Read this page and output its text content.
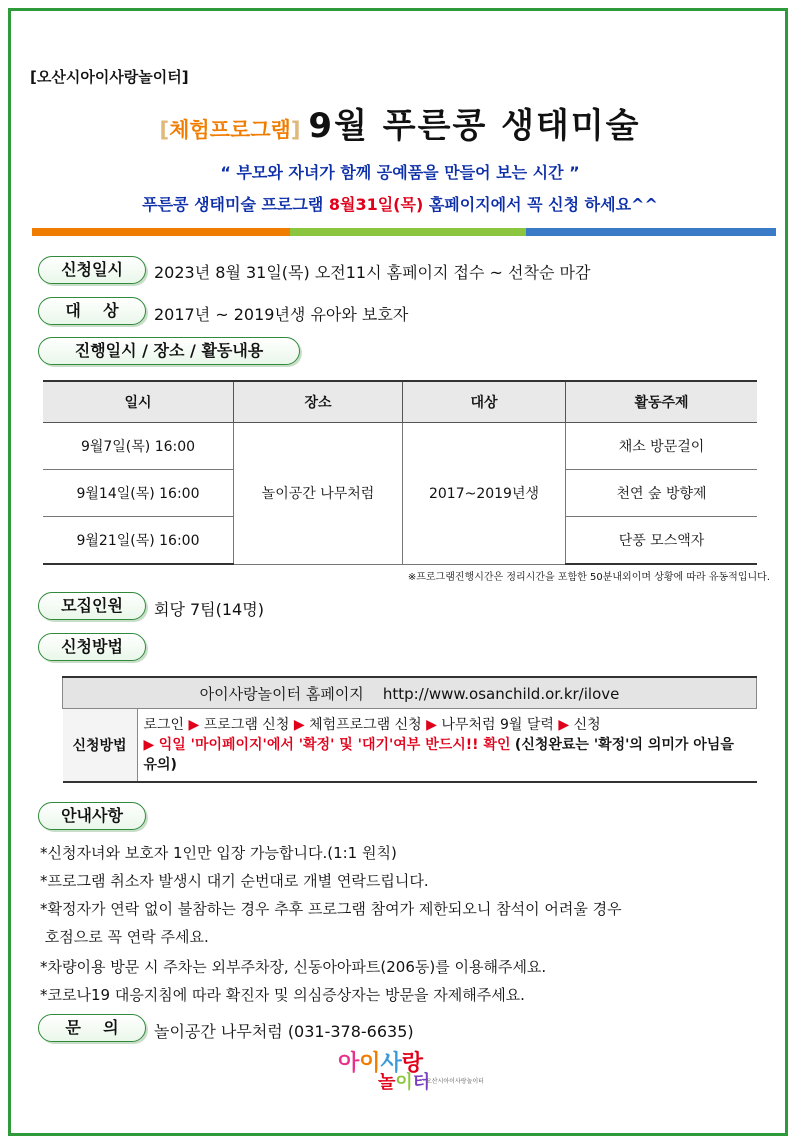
[오산시아이사랑놀이터]
[체험프로그램] 9월 푸른콩 생태미술
“ 부모와 자녀가 함께 공예품을 만들어 보는 시간 ”
푸른콩 생태미술 프로그램 8월31일(목) 홈페이지에서 꼭 신청 하세요^^
신청일시	2023년 8월 31일(목) 오전11시 홈페이지 접수 ~ 선착순 마감
대    상	2017년 ~ 2019년생 유아와 보호자
진행일시 / 장소 / 활동내용
일시	장소	대상	활동주제
9월7일(목) 16:00	놀이공간 나무처럼	2017~2019년생	채소 방문걸이
9월14일(목) 16:00			천연 숲 방향제
9월21일(목) 16:00			단풍 모스액자
※프로그램진행시간은 정리시간을 포함한 50분내외이며 상황에 따라 유동적입니다.
모집인원	회당 7팀(14명)
신청방법
아이사랑놀이터 홈페이지    http://www.osanchild.or.kr/ilove
신청방법	로그인 ▶ 프로그램 신청 ▶ 체험프로그램 신청 ▶ 나무처럼 9월 달력 ▶ 신청
▶ 익일 '마이페이지'에서 '확정' 및 '대기'여부 반드시!! 확인 (신청완료는 '확정'의 의미가 아님을 유의)
안내사항
*신청자녀와 보호자 1인만 입장 가능합니다.(1:1 원칙)
*프로그램 취소자 발생시 대기 순번대로 개별 연락드립니다.
*확정자가 연락 없이 불참하는 경우 추후 프로그램 참여가 제한되오니 참석이 어려울 경우
호점으로 꼭 연락 주세요.
*차량이용 방문 시 주차는 외부주차장, 신동아아파트(206동)를 이용해주세요.
*코로나19 대응지침에 따라 확진자 및 의심증상자는 방문을 자제해주세요.
문    의	놀이공간 나무처럼 (031-378-6635)
아이사랑
놀이터
오산시아이사랑놀이터
